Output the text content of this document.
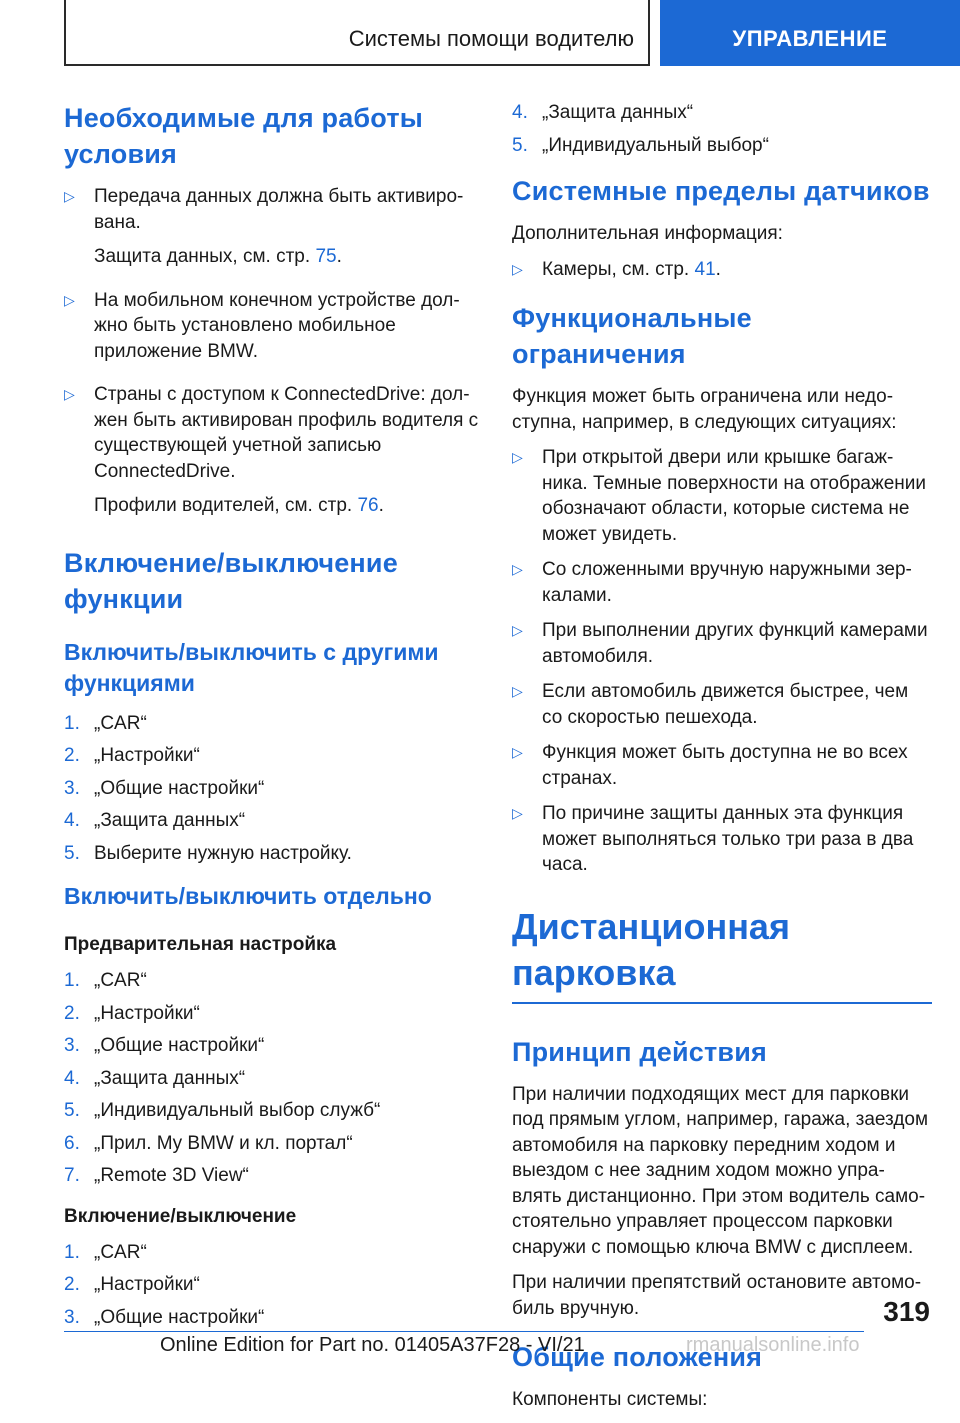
Системы помощи водителю	УПРАВЛЕНИЕ
Необходимые для работы условия
▷ Передача данных должна быть активиро-вана.
Защита данных, см. стр. 75.
▷ На мобильном конечном устройстве дол-жно быть установлено мобильное приложение BMW.
▷ Страны с доступом к ConnectedDrive: дол-жен быть активирован профиль водителя с существующей учетной записью ConnectedDrive.
Профили водителей, см. стр. 76.
Включение/выключение функции
Включить/выключить с другими функциями
1. „CAR“
2. „Настройки“
3. „Общие настройки“
4. „Защита данных“
5. Выберите нужную настройку.
Включить/выключить отдельно
Предварительная настройка
1. „CAR“
2. „Настройки“
3. „Общие настройки“
4. „Защита данных“
5. „Индивидуальный выбор служб“
6. „Прил. My BMW и кл. портал“
7. „Remote 3D View“
Включение/выключение
1. „CAR“
2. „Настройки“
3. „Общие настройки“
4. „Защита данных“
5. „Индивидуальный выбор“
Системные пределы датчиков

Дополнительная информация:

▷ Камеры, см. стр. 41.
Функциональные ограничения

Функция может быть ограничена или недо-ступна, например, в следующих ситуациях:

▷ При открытой двери или крышке багаж-ника. Темные поверхности на отображении обозначают области, которые система не может увидеть.
▷ Со сложенными вручную наружными зер-калами.
▷ При выполнении других функций камерами автомобиля.
▷ Если автомобиль движется быстрее, чем со скоростью пешехода.
▷ Функция может быть доступна не во всех странах.
▷ По причине защиты данных эта функция может выполняться только три раза в два часа.
Дистанционная парковка
Принцип действия

При наличии подходящих мест для парковки под прямым углом, например, гаража, заездом автомобиля на парковку передним ходом и выездом с нее задним ходом можно упра-влять дистанционно. При этом водитель само-стоятельно управляет процессом парковки снаружи с помощью ключа BMW с дисплеем.

При наличии препятствий остановите автомо-биль вручную.

Общие положения

Компоненты системы:

319
Online Edition for Part no. 01405A37F28 - VI/21	rmanualsonline.info
